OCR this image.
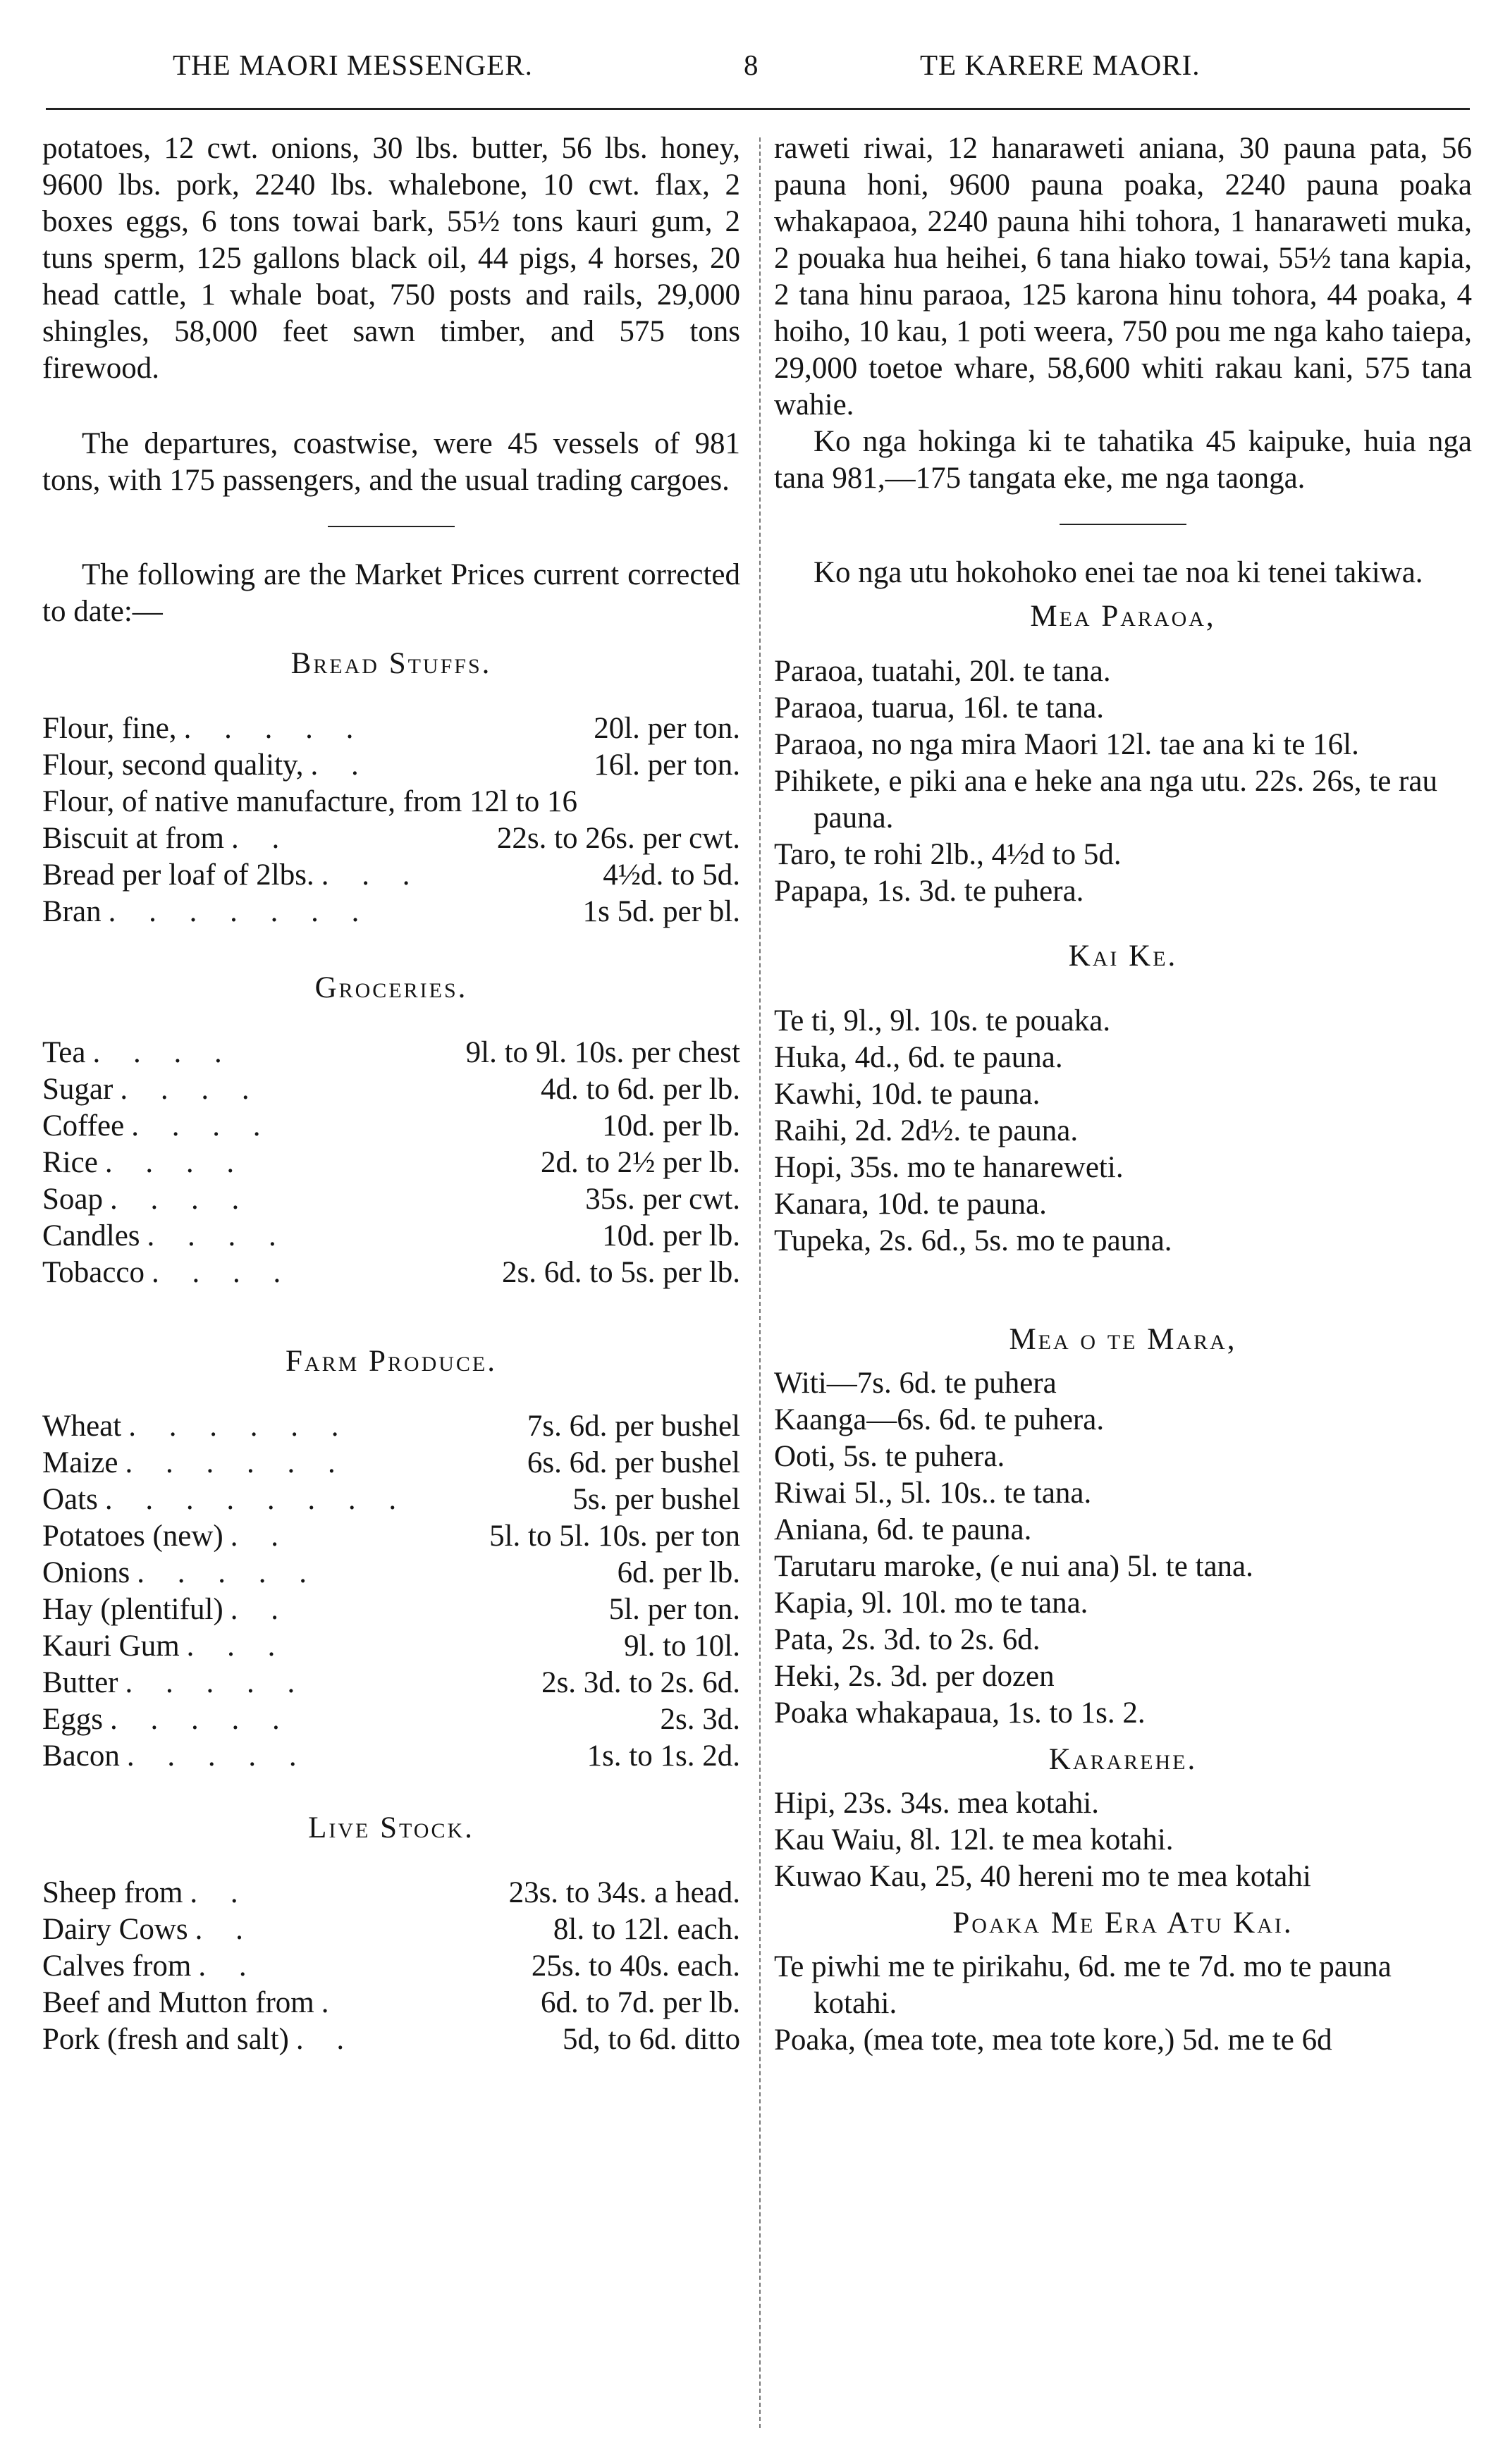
THE MAORI MESSENGER.	8	TE KARERE MAORI.

potatoes, 12 cwt. onions, 30 lbs. butter, 56 lbs. honey, 9600 lbs. pork, 2240 lbs. whalebone, 10 cwt. flax, 2 boxes eggs, 6 tons towai bark, 55½ tons kauri gum, 2 tuns sperm, 125 gallons black oil, 44 pigs, 4 horses, 20 head cattle, 1 whale boat, 750 posts and rails, 29,000 shingles, 58,000 feet sawn timber, and 575 tons firewood.

The departures, coastwise, were 45 vessels of 981 tons, with 175 passengers, and the usual trading cargoes.

The following are the Market Prices current corrected to date:—

Bread Stuffs.
Flour, fine, . . . . .	20l. per ton.
Flour, second quality, . .	16l. per ton.
Flour, of native manufacture, from 12l to 16
Biscuit at from . .	22s. to 26s. per cwt.
Bread per loaf of 2lbs. . . .	4½d. to 5d.
Bran . . . . . . .	1s 5d. per bl.
Groceries.
Tea . . . .	9l. to 9l. 10s. per chest
Sugar . . . .	4d. to 6d. per lb.
Coffee . . . .	10d. per lb.
Rice . . . .	2d. to 2½ per lb.
Soap . . . .	35s. per cwt.
Candles . . . .	10d. per lb.
Tobacco . . . .	2s. 6d. to 5s. per lb.
Farm Produce.
Wheat . . . . . .	7s. 6d. per bushel
Maize . . . . . .	6s. 6d. per bushel
Oats . . . . . . . .	5s. per bushel
Potatoes (new) . .	5l. to 5l. 10s. per ton
Onions . . . . .	6d. per lb.
Hay (plentiful) . .	5l. per ton.
Kauri Gum . . .	9l. to 10l.
Butter . . . . .	2s. 3d. to 2s. 6d.
Eggs . . . . .	2s. 3d.
Bacon . . . . .	1s. to 1s. 2d.
Live Stock.
Sheep from . .	23s. to 34s. a head.
Dairy Cows . .	8l. to 12l. each.
Calves from . .	25s. to 40s. each.
Beef and Mutton from .	6d. to 7d. per lb.
Pork (fresh and salt) . .	5d, to 6d. ditto

raweti riwai, 12 hanaraweti aniana, 30 pauna pata, 56 pauna honi, 9600 pauna poaka, 2240 pauna poaka whakapaoa, 2240 pauna hihi tohora, 1 hanaraweti muka, 2 pouaka hua heihei, 6 tana hiako towai, 55½ tana kapia, 2 tana hinu paraoa, 125 karona hinu tohora, 44 poaka, 4 hoiho, 10 kau, 1 poti weera, 750 pou me nga kaho taiepa, 29,000 toetoe whare, 58,600 whiti rakau kani, 575 tana wahie.

Ko nga hokinga ki te tahatika 45 kaipuke, huia nga tana 981,—175 tangata eke, me nga taonga.

Ko nga utu hokohoko enei tae noa ki tenei takiwa.

Mea Paraoa,

Paraoa, tuatahi, 20l. te tana.

Paraoa, tuarua, 16l. te tana.

Paraoa, no nga mira Maori 12l. tae ana ki te 16l.

Pihikete, e piki ana e heke ana nga utu. 22s. 26s, te rau pauna.

Taro, te rohi 2lb., 4½d to 5d.

Papapa, 1s. 3d. te puhera.

Kai Ke.

Te ti, 9l., 9l. 10s. te pouaka.

Huka, 4d., 6d. te pauna.

Kawhi, 10d. te pauna.

Raihi, 2d. 2d½. te pauna.

Hopi, 35s. mo te hanareweti.

Kanara, 10d. te pauna.

Tupeka, 2s. 6d., 5s. mo te pauna.

Mea o te Mara,

Witi—7s. 6d. te puhera

Kaanga—6s. 6d. te puhera.

Ooti, 5s. te puhera.

Riwai 5l., 5l. 10s.. te tana.

Aniana, 6d. te pauna.

Tarutaru maroke, (e nui ana) 5l. te tana.

Kapia, 9l. 10l. mo te tana.

Pata, 2s. 3d. to 2s. 6d.

Heki, 2s. 3d. per dozen

Poaka whakapaua, 1s. to 1s. 2.

Kararehe.

Hipi, 23s. 34s. mea kotahi.

Kau Waiu, 8l. 12l. te mea kotahi.

Kuwao Kau, 25, 40 hereni mo te mea kotahi

Poaka Me Era Atu Kai.

Te piwhi me te pirikahu, 6d. me te 7d. mo te pauna kotahi.

Poaka, (mea tote, mea tote kore,) 5d. me te 6d
